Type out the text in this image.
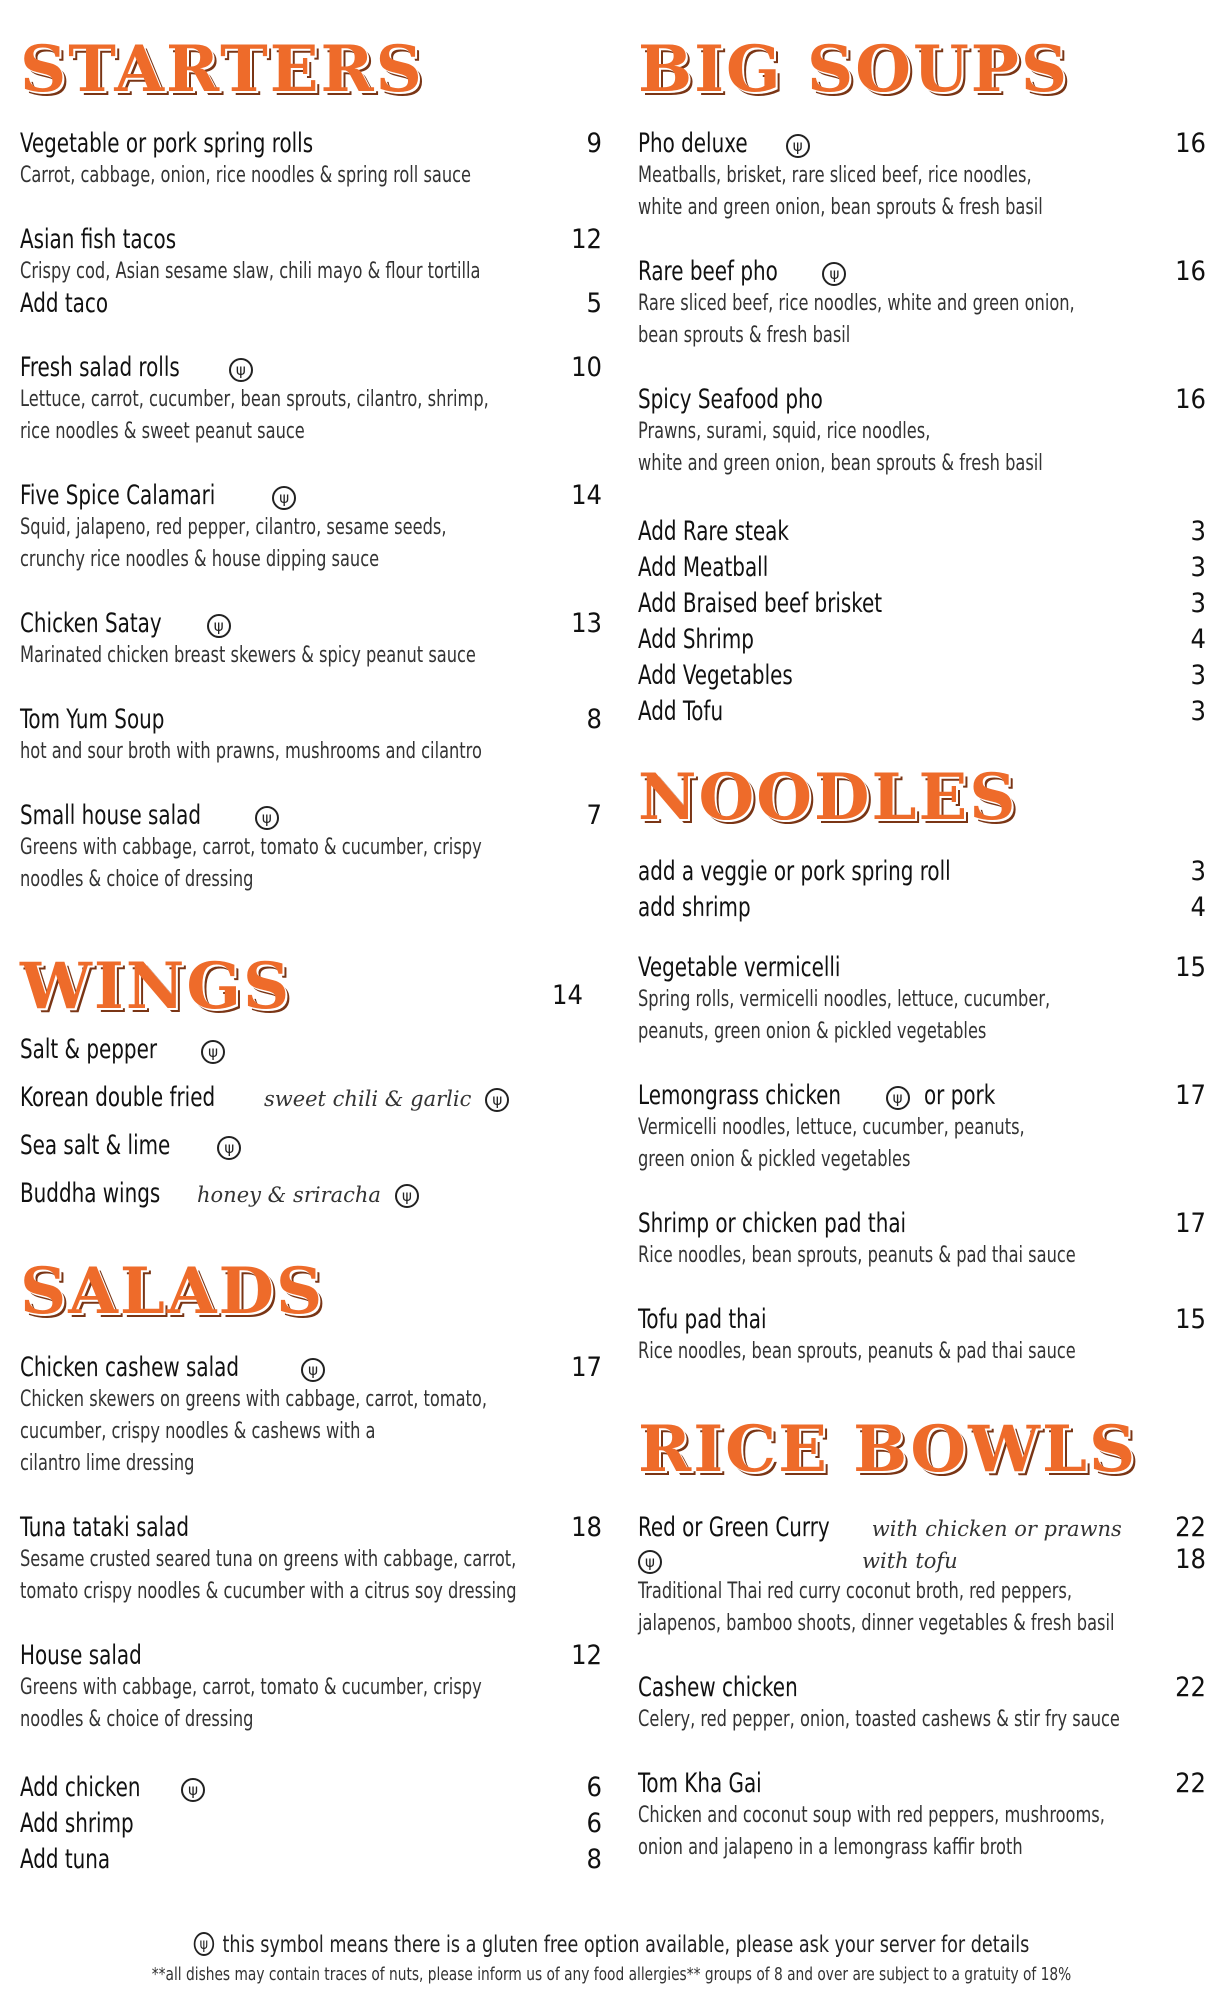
STARTERS
Vegetable or pork spring rolls	9
Carrot, cabbage, onion, rice noodles & spring roll sauce
Asian fish tacos	12
Crispy cod, Asian sesame slaw, chili mayo & flour tortilla
Add taco	5
Fresh salad rolls	ψ	10
Lettuce, carrot, cucumber, bean sprouts, cilantro, shrimp,
rice noodles & sweet peanut sauce
Five Spice Calamari	ψ	14
Squid, jalapeno, red pepper, cilantro, sesame seeds,
crunchy rice noodles & house dipping sauce
Chicken Satay	ψ	13
Marinated chicken breast skewers & spicy peanut sauce
Tom Yum Soup	8
hot and sour broth with prawns, mushrooms and cilantro
Small house salad	ψ	7
Greens with cabbage, carrot, tomato & cucumber, crispy
noodles & choice of dressing
WINGS	14
Salt & pepper	ψ
Korean double fried sweet chili & garlic ψ
Sea salt & lime	ψ
Buddha wings honey & sriracha ψ
SALADS
Chicken cashew salad	ψ	17
Chicken skewers on greens with cabbage, carrot, tomato,
cucumber, crispy noodles & cashews with a
cilantro lime dressing
Tuna tataki salad	18
Sesame crusted seared tuna on greens with cabbage, carrot,
tomato crispy noodles & cucumber with a citrus soy dressing
House salad	12
Greens with cabbage, carrot, tomato & cucumber, crispy
noodles & choice of dressing
Add chicken	ψ	6
Add shrimp	6
Add tuna	8
BIG SOUPS
Pho deluxe	ψ	16
Meatballs, brisket, rare sliced beef, rice noodles,
white and green onion, bean sprouts & fresh basil
Rare beef pho	ψ	16
Rare sliced beef, rice noodles, white and green onion,
bean sprouts & fresh basil
Spicy Seafood pho	16
Prawns, surami, squid, rice noodles,
white and green onion, bean sprouts & fresh basil
Add Rare steak	3
Add Meatball	3
Add Braised beef brisket	3
Add Shrimp	4
Add Vegetables	3
Add Tofu	3
NOODLES
add a veggie or pork spring roll	3
add shrimp	4
Vegetable vermicelli	15
Spring rolls, vermicelli noodles, lettuce, cucumber,
peanuts, green onion & pickled vegetables
Lemongrass chicken	ψ or pork	17
Vermicelli noodles, lettuce, cucumber, peanuts,
green onion & pickled vegetables
Shrimp or chicken pad thai	17
Rice noodles, bean sprouts, peanuts & pad thai sauce
Tofu pad thai	15
Rice noodles, bean sprouts, peanuts & pad thai sauce
RICE BOWLS
Red or Green Curry with chicken or prawns 22
ψ	with tofu	18
Traditional Thai red curry coconut broth, red peppers,
jalapenos, bamboo shoots, dinner vegetables & fresh basil
Cashew chicken	22
Celery, red pepper, onion, toasted cashews & stir fry sauce
Tom Kha Gai	22
Chicken and coconut soup with red peppers, mushrooms,
onion and jalapeno in a lemongrass kaffir broth
ψ this symbol means there is a gluten free option available, please ask your server for details
**all dishes may contain traces of nuts, please inform us of any food allergies** groups of 8 and over are subject to a gratuity of 18%
